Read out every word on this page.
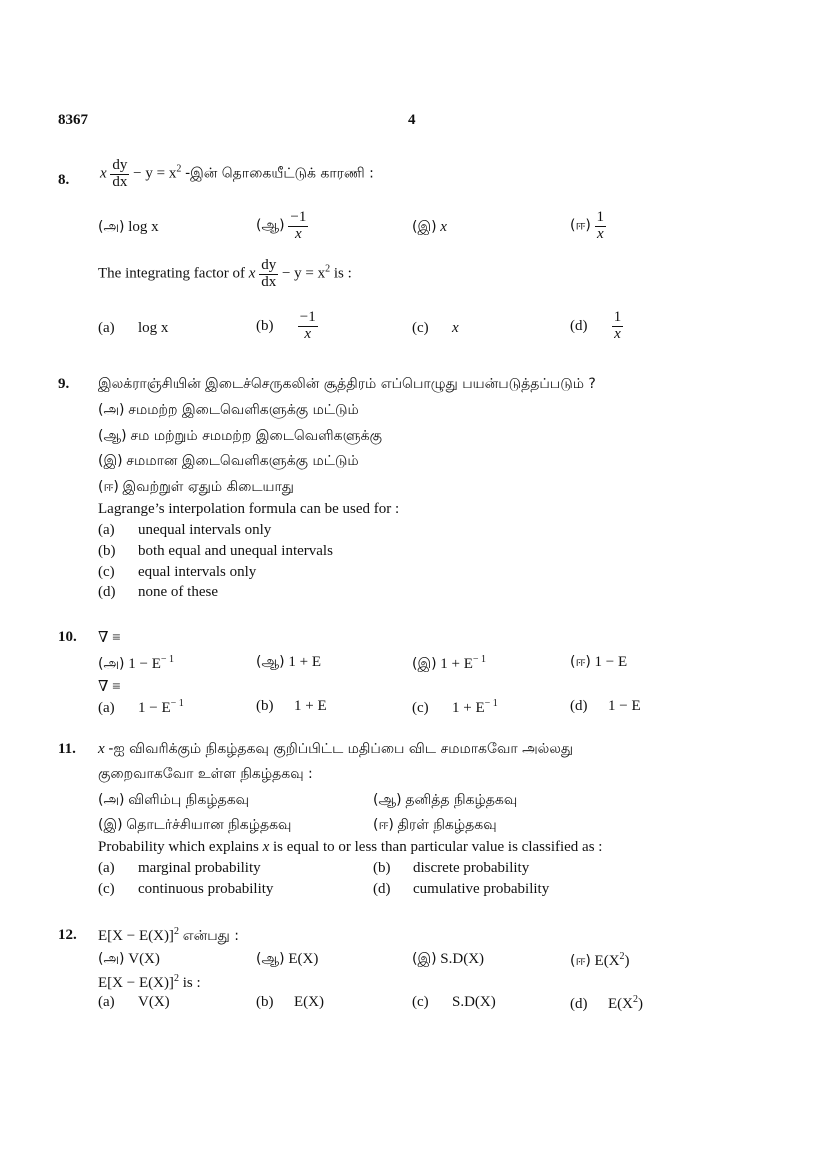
8367	4
8. x $\frac{dy}{dx} - y = x^2$ -இன் தொகையீட்டுக் காரணி :
(அ) log x	(ஆ) $\frac{-1}{x}$	(இ) x	(ஈ) $\frac{1}{x}$
The integrating factor of x $\frac{dy}{dx} - y = x^2$ is :
(a) log x	$(b) \frac{-1}{x}$	(c) x	$(d) \frac{1}{x}$
9. இலக்ராஞ்சியின் இடைச்செருகலின் சூத்திரம் எப்பொழுது பயன்படுத்தப்படும் ?
(அ) சமமற்ற இடைவெளிகளுக்கு மட்டும்
(ஆ) சம மற்றும் சமமற்ற இடைவெளிகளுக்கு
(இ) சமமான இடைவெளிகளுக்கு மட்டும்
(ஈ) இவற்றுள் ஏதும் கிடையாது
Lagrange’s interpolation formula can be used for :
(a) unequal intervals only
(b) both equal and unequal intervals
(c) equal intervals only
(d) none of these
10. ∇ ≡
(அ) $1 - E^{- 1}$	(ஆ) 1 + E	(இ) $1 + E^{- 1}$	(ஈ) 1 − E
∇ ≡
(a) $1 - E^{- 1}$	(b) 1 + E	(c) $1 + E^{- 1}$	(d) 1 − E
11. x -ஐ விவரிக்கும் நிகழ்தகவு குறிப்பிட்ட மதிப்பை விட சமமாகவோ அல்லது
குறைவாகவோ உள்ள நிகழ்தகவு :
(அ) விளிம்பு நிகழ்தகவு	(ஆ) தனித்த நிகழ்தகவு
(இ) தொடர்ச்சியான நிகழ்தகவு	(ஈ) திரள் நிகழ்தகவு
Probability which explains x is equal to or less than particular value is classified as :
(a) marginal probability	(b) discrete probability
(c) continuous probability	(d) cumulative probability
12. $E[X - E(X)]^2$ என்பது :
(அ) V(X)	(ஆ) E(X)	(இ) S.D(X)	(ஈ) $E(X^2)$
$E[X - E(X)]^2$ is :
(a) V(X)	(b) E(X)	(c) S.D(X)	(d) $E(X^2)$
